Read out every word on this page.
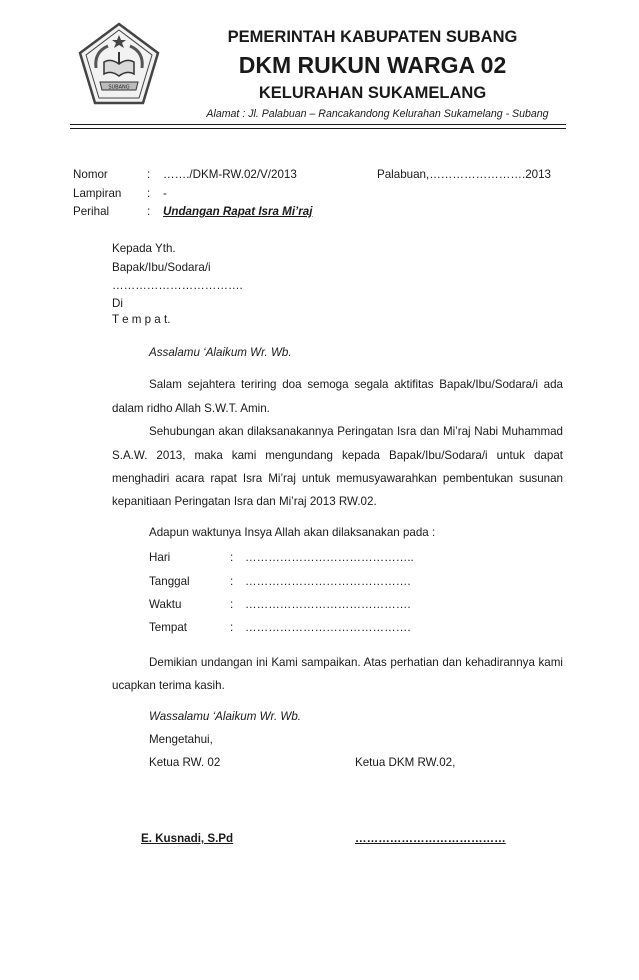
SUBANG
PEMERINTAH KABUPATEN SUBANG
DKM RUKUN WARGA 02
KELURAHAN SUKAMELANG
Alamat : Jl. Palabuan – Rancakandong Kelurahan Sukamelang - Subang
Nomor	: ……./DKM-RW.02/V/2013	Palabuan,…………………….2013
Lampiran : -
Perihal	: Undangan Rapat Isra Mi’raj
Kepada Yth.
Bapak/Ibu/Sodara/i
…………………………….
Di
T e m p a t.
Assalamu ‘Alaikum Wr. Wb.
Salam sejahtera teriring doa semoga segala aktifitas Bapak/Ibu/Sodara/i ada
dalam ridho Allah S.W.T. Amin.
Sehubungan akan dilaksanakannya Peringatan Isra dan Mi’raj Nabi Muhammad
S.A.W. 2013, maka kami mengundang kepada Bapak/Ibu/Sodara/i untuk dapat
menghadiri acara rapat Isra Mi’raj untuk memusyawarahkan pembentukan susunan
kepanitiaan Peringatan Isra dan Mi’raj 2013 RW.02.
Adapun waktunya Insya Allah akan dilaksanakan pada :
Hari	: ……………………………………..
Tanggal	: …………………………………….
Waktu	: …………………………………….
Tempat	: …………………………………….
Demikian undangan ini Kami sampaikan. Atas perhatian dan kehadirannya kami
ucapkan terima kasih.
Wassalamu ‘Alaikum Wr. Wb.
Mengetahui,
Ketua RW. 02	Ketua DKM RW.02,
E. Kusnadi, S.Pd	…………………………………
